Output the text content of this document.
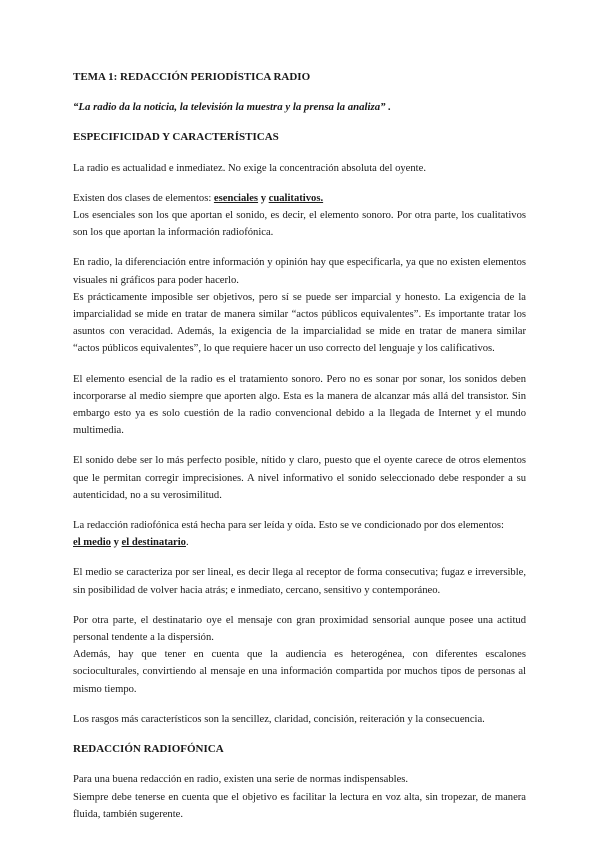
TEMA 1: REDACCIÓN PERIODÍSTICA RADIO

“La radio da la noticia, la televisión la muestra y la prensa la analiza” .

ESPECIFICIDAD Y CARACTERÍSTICAS

La radio es actualidad e inmediatez. No exige la concentración absoluta del oyente.

Existen dos clases de elementos: esenciales y cualitativos.

Los esenciales son los que aportan el sonido, es decir, el elemento sonoro. Por otra parte, los cualitativos son los que aportan la información radiofónica.

En radio, la diferenciación entre información y opinión hay que especificarla, ya que no existen elementos visuales ni gráficos para poder hacerlo.

Es prácticamente imposible ser objetivos, pero sí se puede ser imparcial y honesto. La exigencia de la imparcialidad se mide en tratar de manera similar “actos públicos equivalentes”. Es importante tratar los asuntos con veracidad. Además, la exigencia de la imparcialidad se mide en tratar de manera similar “actos públicos equivalentes”, lo que requiere hacer un uso correcto del lenguaje y los calificativos.

El elemento esencial de la radio es el tratamiento sonoro. Pero no es sonar por sonar, los sonidos deben incorporarse al medio siempre que aporten algo. Esta es la manera de alcanzar más allá del transistor. Sin embargo esto ya es solo cuestión de la radio convencional debido a la llegada de Internet y el mundo multimedia.

El sonido debe ser lo más perfecto posible, nítido y claro, puesto que el oyente carece de otros elementos que le permitan corregir imprecisiones. A nivel informativo el sonido seleccionado debe responder a su autenticidad, no a su verosimilitud.

La redacción radiofónica está hecha para ser leída y oída. Esto se ve condicionado por dos elementos:

el medio y el destinatario.

El medio se caracteriza por ser lineal, es decir llega al receptor de forma consecutiva; fugaz e irreversible, sin posibilidad de volver hacia atrás; e inmediato, cercano, sensitivo y contemporáneo.

Por otra parte, el destinatario oye el mensaje con gran proximidad sensorial aunque posee una actitud personal tendente a la dispersión.

Además, hay que tener en cuenta que la audiencia es heterogénea, con diferentes escalones socioculturales, convirtiendo al mensaje en una información compartida por muchos tipos de personas al mismo tiempo.

Los rasgos más característicos son la sencillez, claridad, concisión, reiteración y la consecuencia.

REDACCIÓN RADIOFÓNICA

Para una buena redacción en radio, existen una serie de normas indispensables.

Siempre debe tenerse en cuenta que el objetivo es facilitar la lectura en voz alta, sin tropezar, de manera fluida, también sugerente.
